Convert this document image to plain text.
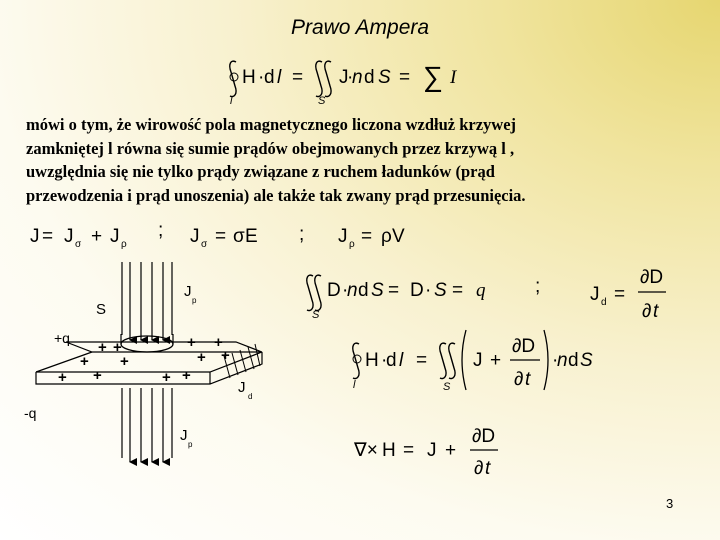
Prawo Ampera

mówi o tym, że wirowość pola magnetycznego liczona wzdłuż krzywej

zamkniętej l równa się sumie prądów obejmowanych przez krzywą l ,

uwzględnia się nie tylko prądy związane z ruchem ładunków (prąd

przewodzenia i prąd unoszenia) ale także tak zwany prąd przesunięcia.

l
H · d l =
S
J
·
n d S = ∑ I
J = J σ + J ρ
; J σ = σ E ; J ρ = ρ V
S
D ·
n d S = D · S = q	;	J d =
∂D
∂ t
l
H ·
d l =
S
J +
∂D
∂ t
·
n d S
∇× H = J +
∂D
∂ t
S
J
p
+q
+ +	+ +
+ +	+ +
+ +	+ +
J
d
-q
J
p
3
